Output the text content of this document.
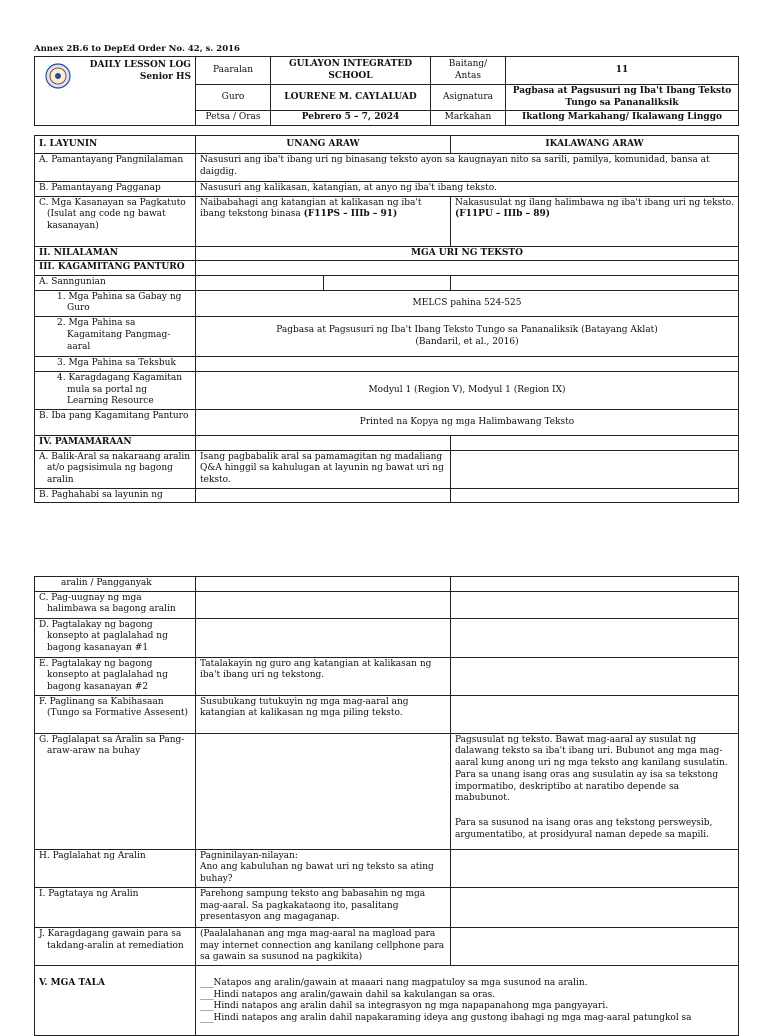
Annex 2B.6 to DepEd Order No. 42, s. 2016
DAILY LESSON LOG
Senior HS	Paaralan	GULAYON INTEGRATED SCHOOL	Baitang/ Antas	11
	Guro	LOURENE M. CAYLALUAD	Asignatura	Pagbasa at Pagsusuri ng Iba't Ibang Teksto Tungo sa Pananaliksik
	Petsa / Oras	Pebrero 5 – 7, 2024	Markahan	Ikatlong Markahang/ Ikalawang Linggo
I. LAYUNIN	UNANG ARAW		IKALAWANG ARAW
A. Pamantayang Pangnilalaman	Nasusuri ang iba't ibang uri ng binasang teksto ayon sa kaugnayan nito sa sarili, pamilya, komunidad, bansa at daigdig.		
B. Pamantayang Pagganap	Nasusuri ang kalikasan, katangian, at anyo ng iba't ibang teksto.		
C. Mga Kasanayan sa Pagkatuto (Isulat ang code ng bawat kasanayan)	Naibabahagi ang katangian at kalikasan ng iba't ibang tekstong binasa (F11PS – IIIb – 91)		Nakasusulat ng ilang halimbawa ng iba't ibang uri ng teksto. (F11PU – IIIb – 89)
II. NILALAMAN	MGA URI NG TEKSTO		
III. KAGAMITANG PANTURO			
A. Sanngunian			
1. Mga Pahina sa Gabay ng Guro	MELCS pahina 524-525		
2. Mga Pahina sa Kagamitang Pangmag-aaral	Pagbasa at Pagsusuri ng Iba't Ibang Teksto Tungo sa Pananaliksik (Batayang Aklat)
(Bandaril, et al., 2016)		

3. Mga Pahina sa Teksbuk			
4. Karagdagang Kagamitan mula sa portal ng Learning Resource	Modyul 1 (Region V), Modyul 1 (Region IX)		
B. Iba pang Kagamitang Panturo	Printed na Kopya ng mga Halimbawang Teksto		
IV. PAMAMARAAN			
A. Balik-Aral sa nakaraang aralin at/o pagsisimula ng bagong aralin	Isang pagbabalik aral sa pamamagitan ng madaliang Q&A hinggil sa kahulugan at layunin ng bawat uri ng teksto.		
B. Paghahabi sa layunin ng			
aralin / Pangganyak		
C. Pag-uugnay ng mga halimbawa sa bagong aralin		
D. Pagtalakay ng bagong konsepto at paglalahad ng bagong kasanayan #1		
E. Pagtalakay ng bagong konsepto at paglalahad ng bagong kasanayan #2	Tatalakayin ng guro ang katangian at kalikasan ng iba't ibang uri ng tekstong.	
F. Paglinang sa Kabihasaan (Tungo sa Formative Assesent)	Susubukang tutukuyin ng mga mag-aaral ang katangian at kalikasan ng mga piling teksto.	
G. Paglalapat sa Aralin sa Pang-araw-araw na buhay		Pagsusulat ng teksto. Bawat mag-aaral ay susulat ng dalawang teksto sa iba't ibang uri. Bubunot ang mga mag-aaral kung anong uri ng mga teksto ang kanilang susulatin. Para sa unang isang oras ang susulatin ay isa sa tekstong impormatibo, deskriptibo at naratibo depende sa mabubunot.

Para sa susunod na isang oras ang tekstong persweysib, argumentatibo, at prosidyural naman depede sa mapili.

H. Paglalahat ng Aralin	Pagninilayan-nilayan:
Ano ang kabuluhan ng bawat uri ng teksto sa ating buhay?	

I. Pagtataya ng Aralin	Parehong sampung teksto ang babasahin ng mga mag-aaral. Sa pagkakataong ito, pasalitang presentasyon ang magaganap.	
J. Karagdagang gawain para sa takdang-aralin at remediation	(Paalalahanan ang mga mag-aaral na magload para may internet connection ang kanilang cellphone para sa gawain sa susunod na pagkikita)	
V. MGA TALA	___Natapos ang aralin/gawain at maaari nang magpatuloy sa mga susunod na aralin.
___Hindi natapos ang aralin/gawain dahil sa kakulangan sa oras.
___Hindi natapos ang aralin dahil sa integrasyon ng mga napapanahong mga pangyayari.
___Hindi natapos ang aralin dahil napakaraming ideya ang gustong ibahagi ng mga mag-aaral patungkol sa	
